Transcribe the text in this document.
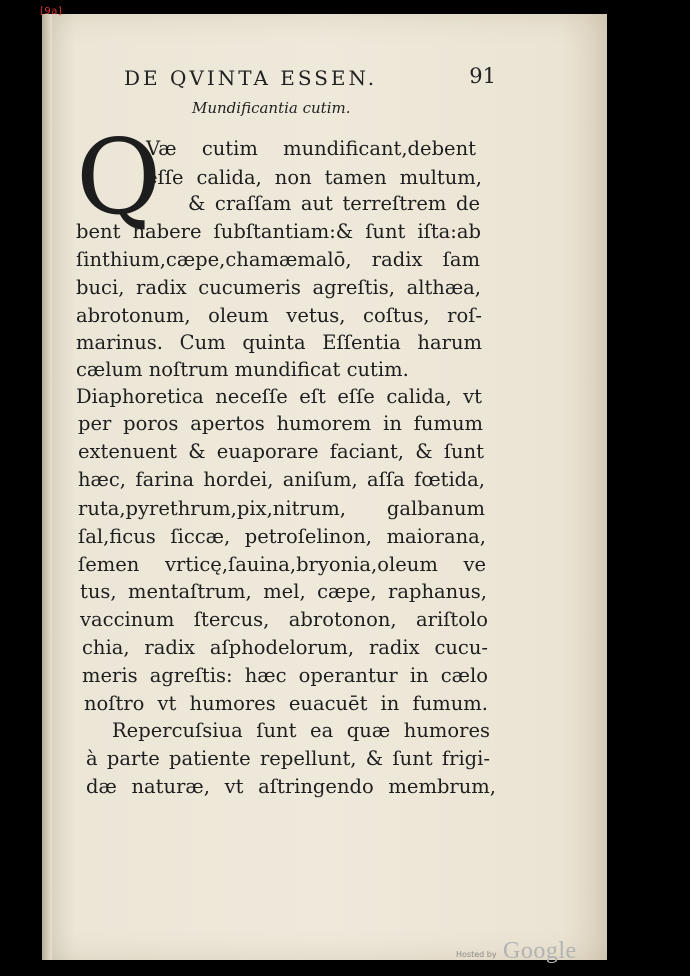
[9a]
DE QVINTA ESSEN.	91
Mundificantia cutim.
Q

Væ cutim mundificant,debent

eſſe calida, non tamen multum,

& craſſam aut terreſtrem de

bent habere ſubſtantiam:& ſunt iſta:ab

ſinthium,cæpe,chamæmalō, radix ſam

buci, radix cucumeris agreſtis, althæa,

abrotonum, oleum vetus, coſtus, roſ-

marinus. Cum quinta Eſſentia harum

cælum noſtrum mundificat cutim.

Diaphoretica neceſſe eſt eſſe calida, vt

per poros apertos humorem in fumum

extenuent & euaporare faciant, & ſunt

hæc, farina hordei, aniſum, aſſa fœtida,

ruta,pyrethrum,pix,nitrum, galbanum

ſal,ficus ſiccæ, petroſelinon, maiorana,

ſemen vrticę,ſauina,bryonia,oleum ve

tus, mentaſtrum, mel, cæpe, raphanus,

vaccinum ſtercus, abrotonon, ariſtolo

chia, radix aſphodelorum, radix cucu-

meris agreſtis: hæc operantur in cælo

noſtro vt humores euacuēt in fumum.

Repercuſsiua ſunt ea quæ humores

à parte patiente repellunt, & ſunt frigi-

dæ naturæ, vt aſtringendo membrum,

Hosted by Google
